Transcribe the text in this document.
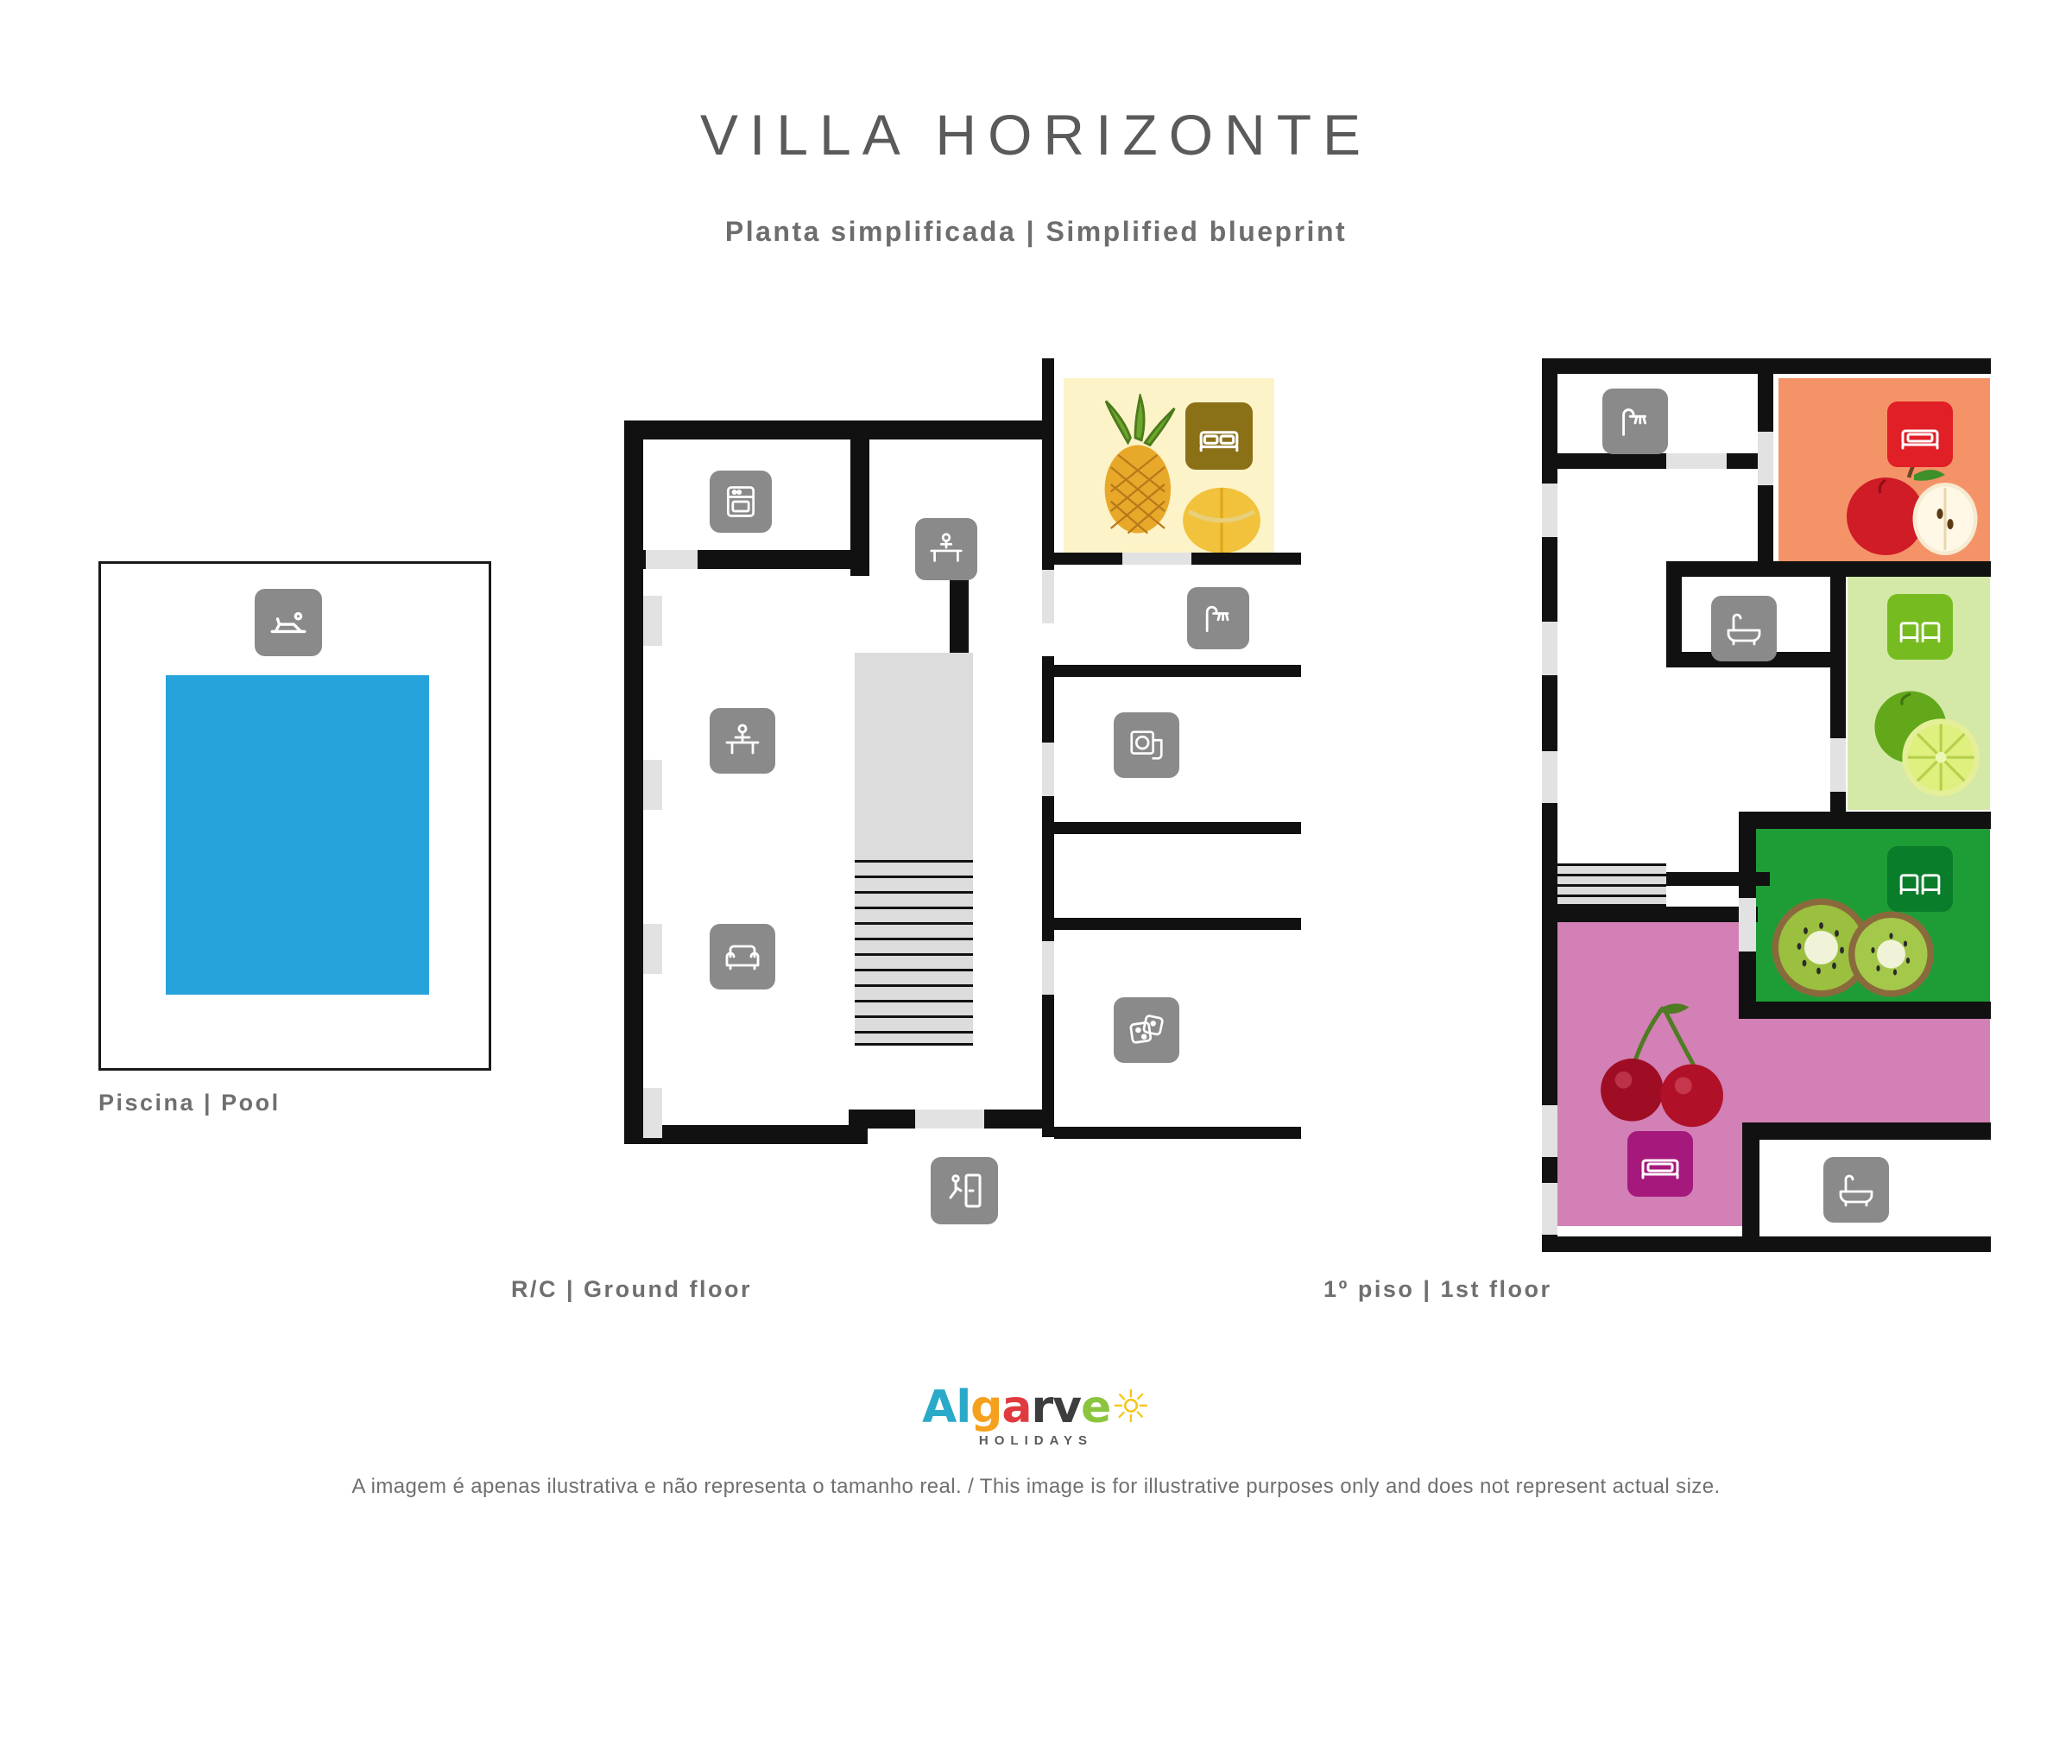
VILLA HORIZONTE
Planta simplificada | Simplified blueprint
Piscina | Pool
R/C | Ground floor	1º piso | 1st floor
Algarve☼
HOLIDAYS
A imagem é apenas ilustrativa e não representa o tamanho real. / This image is for illustrative purposes only and does not represent actual size.
